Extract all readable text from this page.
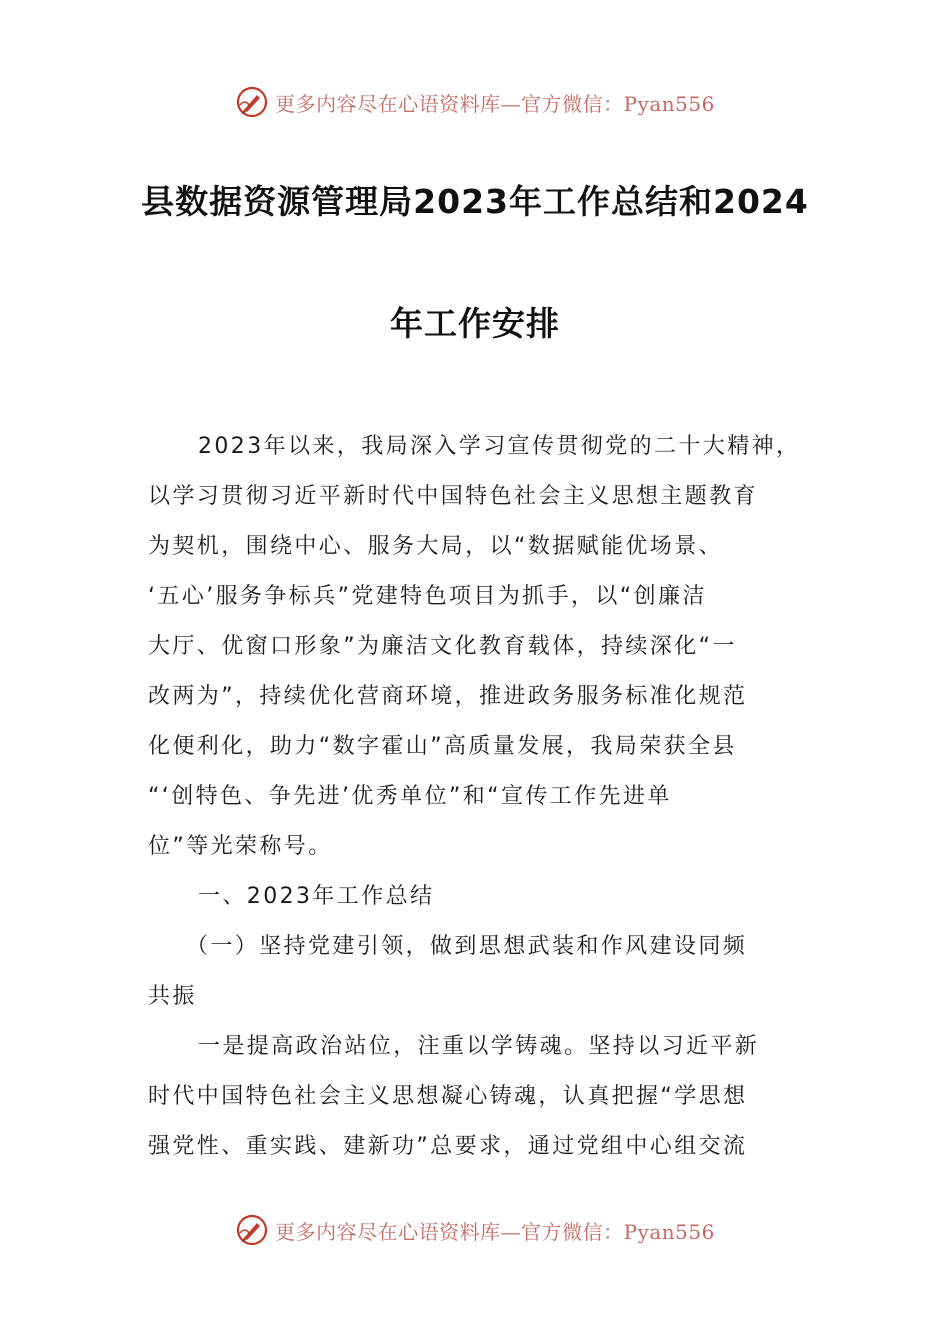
更多内容尽在心语资料库—官方微信：Pyan556
县数据资源管理局2023年工作总结和2024
年工作安排
2023年以来，我局深入学习宣传贯彻党的二十大精神，
以学习贯彻习近平新时代中国特色社会主义思想主题教育
为契机，围绕中心、服务大局，以“数据赋能优场景、
‘五心’服务争标兵”党建特色项目为抓手，以“创廉洁
大厅、优窗口形象”为廉洁文化教育载体，持续深化“一
改两为”，持续优化营商环境，推进政务服务标准化规范
化便利化，助力“数字霍山”高质量发展，我局荣获全县
“‘创特色、争先进’优秀单位”和“宣传工作先进单
位”等光荣称号。
一、2023年工作总结
（一）坚持党建引领，做到思想武装和作风建设同频
共振
一是提高政治站位，注重以学铸魂。坚持以习近平新
时代中国特色社会主义思想凝心铸魂，认真把握“学思想
强党性、重实践、建新功”总要求，通过党组中心组交流
更多内容尽在心语资料库—官方微信：Pyan556
